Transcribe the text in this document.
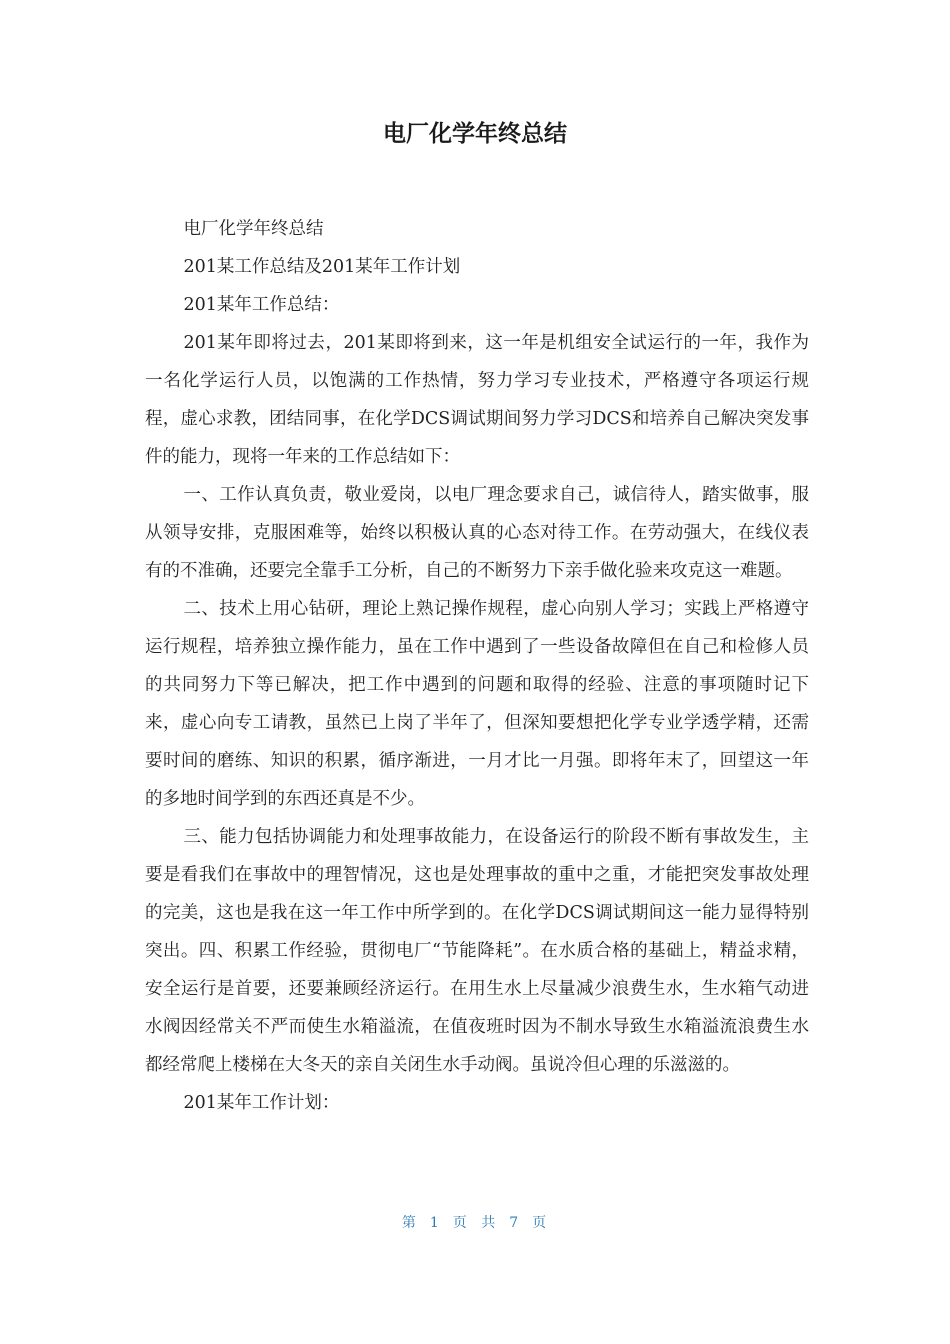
电厂化学年终总结

电厂化学年终总结

201某工作总结及201某年工作计划

201某年工作总结：

201某年即将过去，201某即将到来，这一年是机组安全试运行的一年，我作为一名化学运行人员，以饱满的工作热情，努力学习专业技术，严格遵守各项运行规程，虚心求教，团结同事，在化学DCS调试期间努力学习DCS和培养自己解决突发事件的能力，现将一年来的工作总结如下：

一、工作认真负责，敬业爱岗，以电厂理念要求自己，诚信待人，踏实做事，服从领导安排，克服困难等，始终以积极认真的心态对待工作。在劳动强大，在线仪表有的不准确，还要完全靠手工分析，自己的不断努力下亲手做化验来攻克这一难题。

二、技术上用心钻研，理论上熟记操作规程，虚心向别人学习；实践上严格遵守运行规程，培养独立操作能力，虽在工作中遇到了一些设备故障但在自己和检修人员的共同努力下等已解决，把工作中遇到的问题和取得的经验、注意的事项随时记下来，虚心向专工请教，虽然已上岗了半年了，但深知要想把化学专业学透学精，还需要时间的磨练、知识的积累，循序渐进，一月才比一月强。即将年末了，回望这一年的多地时间学到的东西还真是不少。

三、能力包括协调能力和处理事故能力，在设备运行的阶段不断有事故发生，主要是看我们在事故中的理智情况，这也是处理事故的重中之重，才能把突发事故处理的完美，这也是我在这一年工作中所学到的。在化学DCS调试期间这一能力显得特别突出。四、积累工作经验，贯彻电厂“节能降耗”。在水质合格的基础上，精益求精，安全运行是首要，还要兼顾经济运行。在用生水上尽量减少浪费生水，生水箱气动进水阀因经常关不严而使生水箱溢流，在值夜班时因为不制水导致生水箱溢流浪费生水都经常爬上楼梯在大冬天的亲自关闭生水手动阀。虽说冷但心理的乐滋滋的。

201某年工作计划：

第 1 页 共 7 页
